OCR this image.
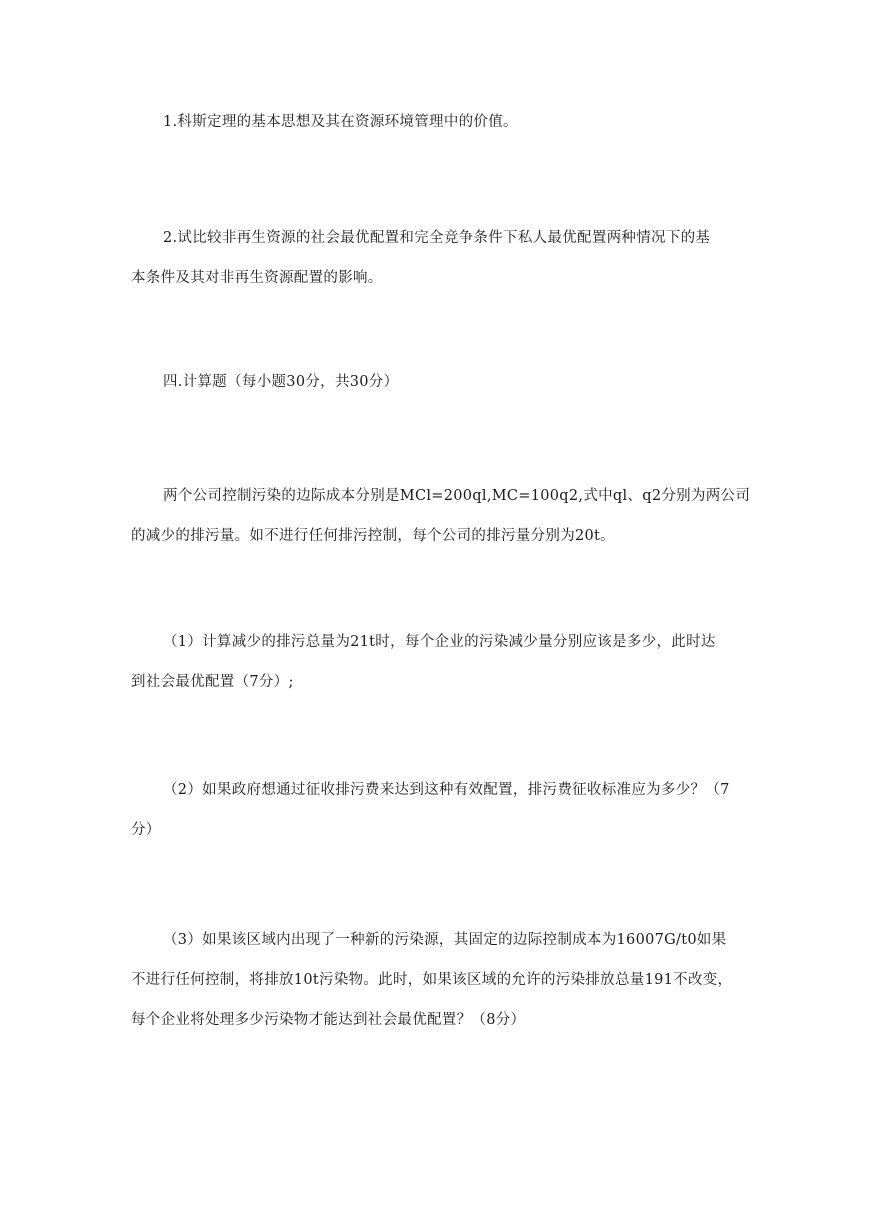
1.科斯定理的基本思想及其在资源环境管理中的价值。

2.试比较非再生资源的社会最优配置和完全竞争条件下私人最优配置两种情况下的基
本条件及其对非再生资源配置的影响。

四.计算题（每小题30分，共30分）

两个公司控制污染的边际成本分别是MCl=200ql,MC=100q2,式中ql、q2分别为两公司
的减少的排污量。如不进行任何排污控制，每个公司的排污量分别为20t。

（1）计算减少的排污总量为21t时，每个企业的污染减少量分别应该是多少，此时达
到社会最优配置（7分）;

（2）如果政府想通过征收排污费来达到这种有效配置，排污费征收标准应为多少？（7
分）

（3）如果该区域内出现了一种新的污染源，其固定的边际控制成本为16007G/t0如果
不进行任何控制，将排放10t污染物。此时，如果该区域的允许的污染排放总量191不改变，
每个企业将处理多少污染物才能达到社会最优配置？（8分）
